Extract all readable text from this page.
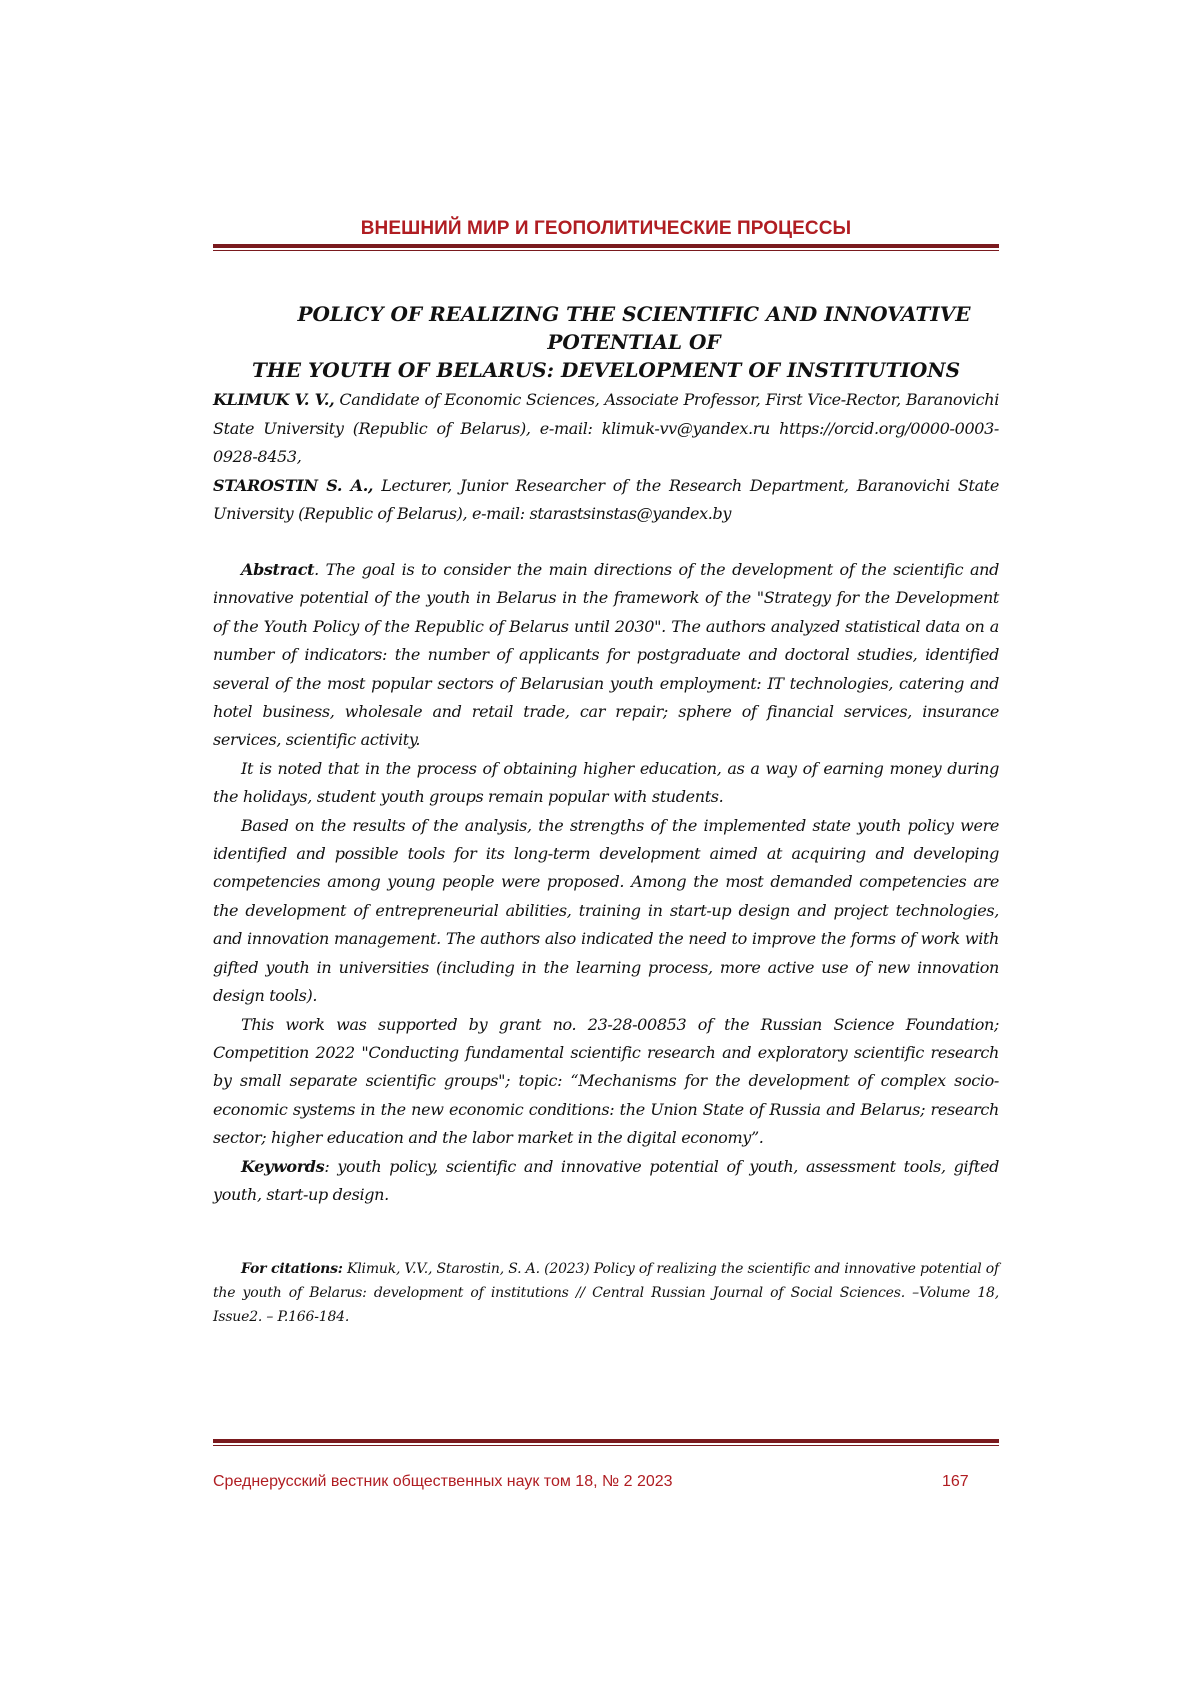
ВНЕШНИЙ МИР И ГЕОПОЛИТИЧЕСКИЕ ПРОЦЕССЫ
POLICY OF REALIZING THE SCIENTIFIC AND INNOVATIVE POTENTIAL OF
THE YOUTH OF BELARUS: DEVELOPMENT OF INSTITUTIONS

KLIMUK V. V., Candidate of Economic Sciences, Associate Professor, First Vice-Rector, Baranovichi State University (Republic of Belarus), e-mail: klimuk-vv@yandex.ru https://orcid.org/0000-0003-0928-8453,

STAROSTIN S. A., Lecturer, Junior Researcher of the Research Department, Baranovichi State University (Republic of Belarus), e-mail: starastsinstas@yandex.by

Abstract. The goal is to consider the main directions of the development of the scientific and innovative potential of the youth in Belarus in the framework of the "Strategy for the Development of the Youth Policy of the Republic of Belarus until 2030". The authors analyzed statistical data on a number of indicators: the number of applicants for postgraduate and doctoral studies, identified several of the most popular sectors of Belarusian youth employment: IT technologies, catering and hotel business, wholesale and retail trade, car repair; sphere of financial services, insurance services, scientific activity.

It is noted that in the process of obtaining higher education, as a way of earning money during the holidays, student youth groups remain popular with students.

Based on the results of the analysis, the strengths of the implemented state youth policy were identified and possible tools for its long-term development aimed at acquiring and developing competencies among young people were proposed. Among the most demanded competencies are the development of entrepreneurial abilities, training in start-up design and project technologies, and innovation management. The authors also indicated the need to improve the forms of work with gifted youth in universities (including in the learning process, more active use of new innovation design tools).

This work was supported by grant no. 23-28-00853 of the Russian Science Foundation; Competition 2022 "Conducting fundamental scientific research and exploratory scientific research by small separate scientific groups"; topic: “Mechanisms for the development of complex socio-economic systems in the new economic conditions: the Union State of Russia and Belarus; research sector; higher education and the labor market in the digital economy”.

Keywords: youth policy, scientific and innovative potential of youth, assessment tools, gifted youth, start-up design.

For citations: Klimuk, V.V., Starostin, S. A. (2023) Policy of realizing the scientific and innovative potential of the youth of Belarus: development of institutions // Central Russian Journal of Social Sciences. –Volume 18, Issue2. – P.166-184.
Среднерусский вестник общественных наук том 18, № 2 2023	167
